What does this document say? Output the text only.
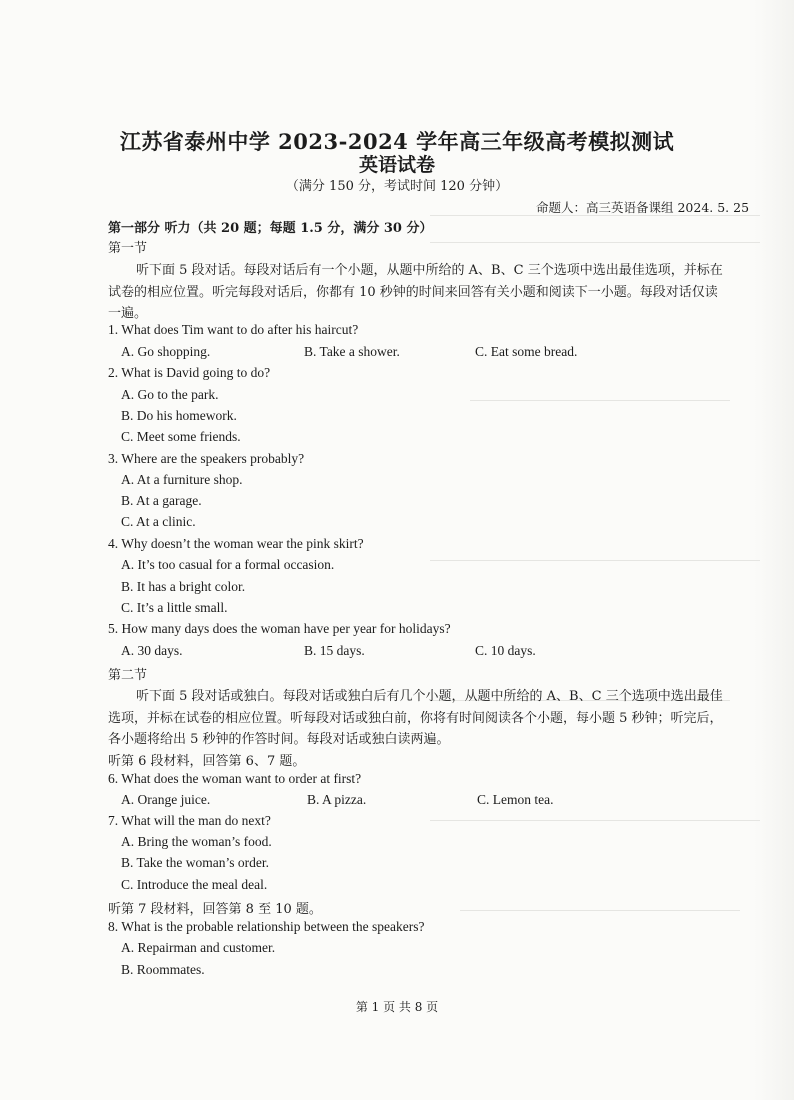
江苏省泰州中学 2023-2024 学年高三年级高考模拟测试
英语试卷
（满分 150 分，考试时间 120 分钟）
命题人：高三英语备课组 2024. 5. 25
第一部分 听力（共 20 题；每题 1.5 分，满分 30 分）
第一节
听下面 5 段对话。每段对话后有一个小题，从题中所给的 A、B、C 三个选项中选出最佳选项，并标在
试卷的相应位置。听完每段对话后，你都有 10 秒钟的时间来回答有关小题和阅读下一小题。每段对话仅读
一遍。
1. What does Tim want to do after his haircut?
A. Go shopping.	B. Take a shower.	C. Eat some bread.
2. What is David going to do?
A. Go to the park.
B. Do his homework.
C. Meet some friends.
3. Where are the speakers probably?
A. At a furniture shop.
B. At a garage.
C. At a clinic.
4. Why doesn’t the woman wear the pink skirt?
A. It’s too casual for a formal occasion.
B. It has a bright color.
C. It’s a little small.
5. How many days does the woman have per year for holidays?
A. 30 days.	B. 15 days.	C. 10 days.
第二节
听下面 5 段对话或独白。每段对话或独白后有几个小题，从题中所给的 A、B、C 三个选项中选出最佳
选项，并标在试卷的相应位置。听每段对话或独白前，你将有时间阅读各个小题，每小题 5 秒钟；听完后，
各小题将给出 5 秒钟的作答时间。每段对话或独白读两遍。
听第 6 段材料，回答第 6、7 题。
6. What does the woman want to order at first?
A. Orange juice.	B. A pizza.	C. Lemon tea.
7. What will the man do next?
A. Bring the woman’s food.
B. Take the woman’s order.
C. Introduce the meal deal.
听第 7 段材料，回答第 8 至 10 题。
8. What is the probable relationship between the speakers?
A. Repairman and customer.
B. Roommates.
第 1 页 共 8 页
